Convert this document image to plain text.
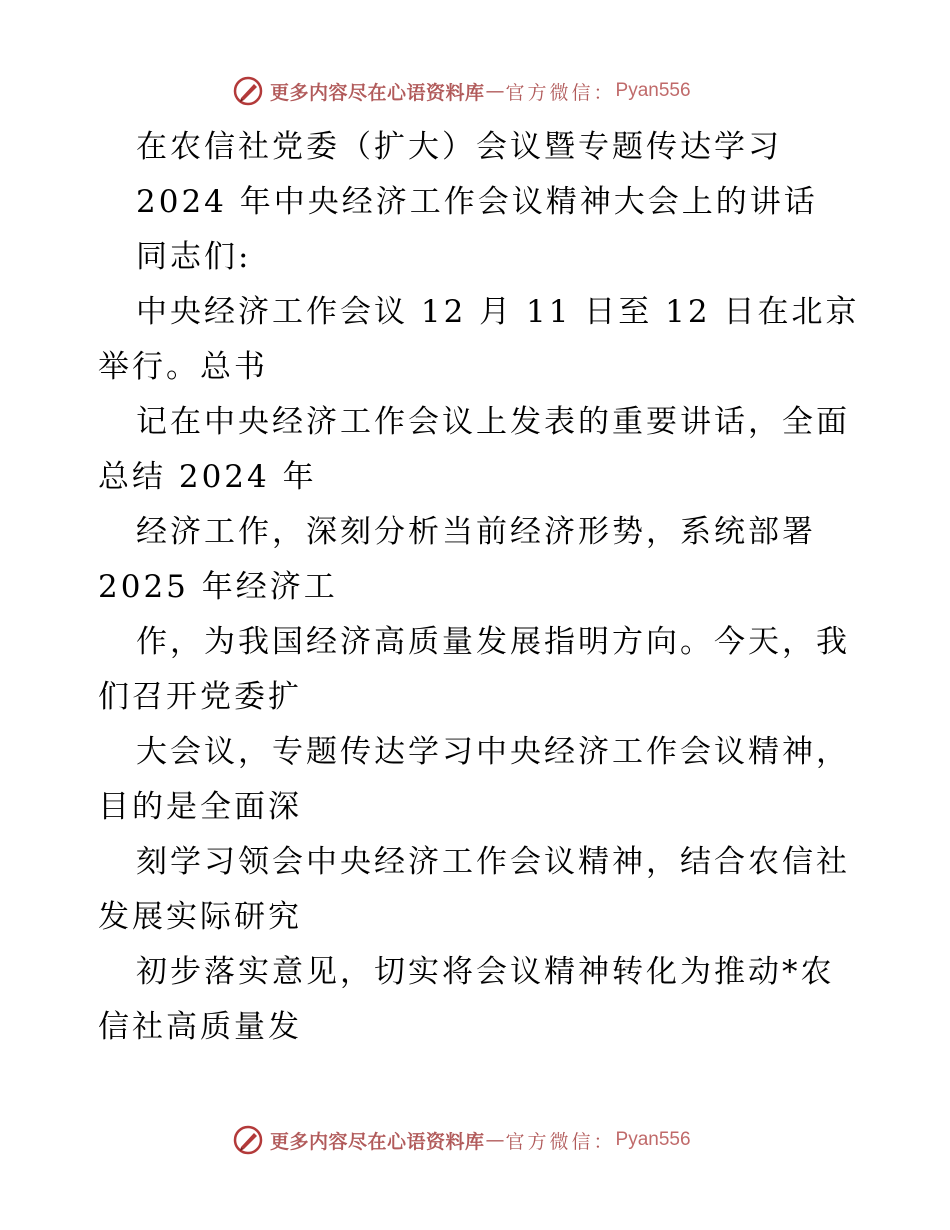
更多内容尽在心语资料库 — 官方微信： Pyan556
在农信社党委（扩大）会议暨专题传达学习
2024 年中央经济工作会议精神大会上的讲话
同志们:
中央经济工作会议 12 月 11 日至 12 日在北京
举行。总书
记在中央经济工作会议上发表的重要讲话，全面
总结 2024 年
经济工作，深刻分析当前经济形势，系统部署
2025 年经济工
作，为我国经济高质量发展指明方向。今天，我
们召开党委扩
大会议，专题传达学习中央经济工作会议精神，
目的是全面深
刻学习领会中央经济工作会议精神，结合农信社
发展实际研究
初步落实意见，切实将会议精神转化为推动*农
信社高质量发
更多内容尽在心语资料库 — 官方微信： Pyan556
